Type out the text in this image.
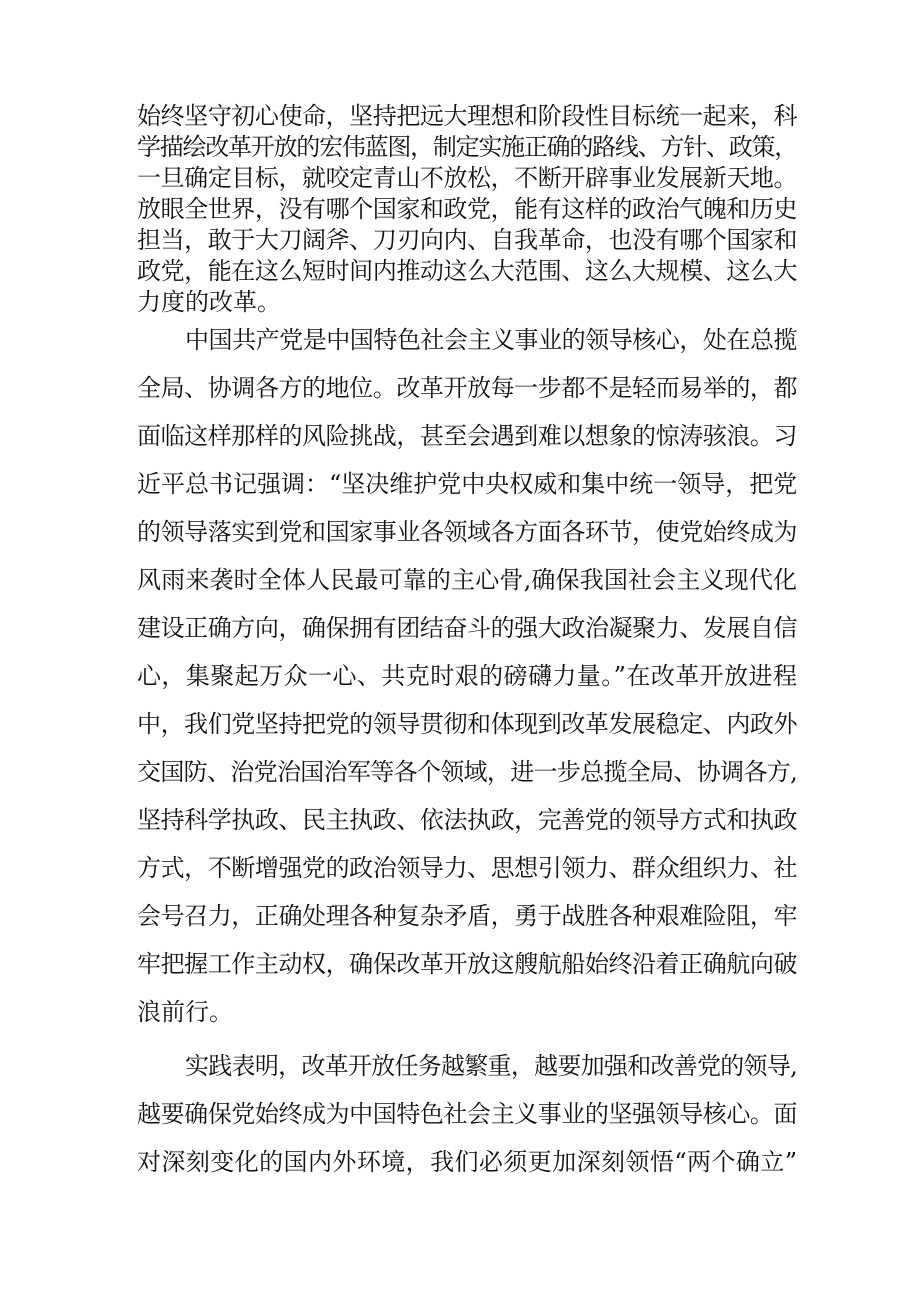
始终坚守初心使命，坚持把远大理想和阶段性目标统一起来，科
学描绘改革开放的宏伟蓝图，制定实施正确的路线、方针、政策，
一旦确定目标，就咬定青山不放松，不断开辟事业发展新天地。
放眼全世界，没有哪个国家和政党，能有这样的政治气魄和历史
担当，敢于大刀阔斧、刀刃向内、自我革命，也没有哪个国家和
政党，能在这么短时间内推动这么大范围、这么大规模、这么大
力度的改革。
中国共产党是中国特色社会主义事业的领导核心，处在总揽
全局、协调各方的地位。改革开放每一步都不是轻而易举的，都
面临这样那样的风险挑战，甚至会遇到难以想象的惊涛骇浪。习
近平总书记强调：“坚决维护党中央权威和集中统一领导，把党
的领导落实到党和国家事业各领域各方面各环节，使党始终成为
风雨来袭时全体人民最可靠的主心骨,确保我国社会主义现代化
建设正确方向，确保拥有团结奋斗的强大政治凝聚力、发展自信
心，集聚起万众一心、共克时艰的磅礴力量。”在改革开放进程
中，我们党坚持把党的领导贯彻和体现到改革发展稳定、内政外
交国防、治党治国治军等各个领域，进一步总揽全局、协调各方,
坚持科学执政、民主执政、依法执政，完善党的领导方式和执政
方式，不断增强党的政治领导力、思想引领力、群众组织力、社
会号召力，正确处理各种复杂矛盾，勇于战胜各种艰难险阻，牢
牢把握工作主动权，确保改革开放这艘航船始终沿着正确航向破
浪前行。
实践表明，改革开放任务越繁重，越要加强和改善党的领导,
越要确保党始终成为中国特色社会主义事业的坚强领导核心。面
对深刻变化的国内外环境，我们必须更加深刻领悟“两个确立”
